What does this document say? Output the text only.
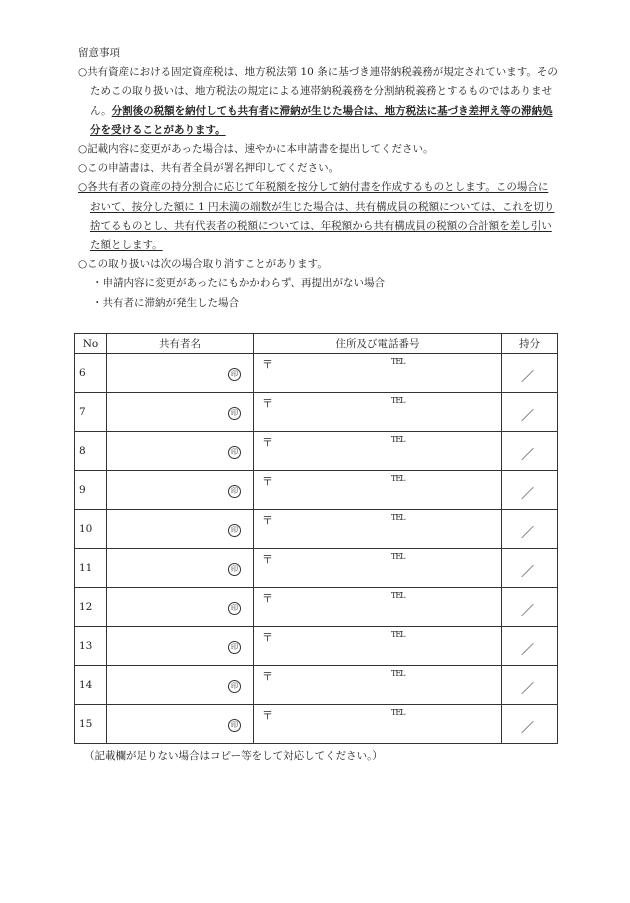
留意事項

○共有資産における固定資産税は、地方税法第 10 条に基づき連帯納税義務が規定されています。そのためこの取り扱いは、地方税法の規定による連帯納税義務を分割納税義務とするものではありません。分割後の税額を納付しても共有者に滞納が生じた場合は、地方税法に基づき差押え等の滞納処分を受けることがあります。

○記載内容に変更があった場合は、速やかに本申請書を提出してください。

○この申請書は、共有者全員が署名押印してください。

○各共有者の資産の持分割合に応じて年税額を按分して納付書を作成するものとします。この場合において、按分した額に 1 円未満の端数が生じた場合は、共有構成員の税額については、これを切り捨てるものとし、共有代表者の税額については、年税額から共有構成員の税額の合計額を差し引いた額とします。

○この取り扱いは次の場合取り消すことがあります。

・申請内容に変更があったにもかかわらず、再提出がない場合

・共有者に滞納が発生した場合

No	共有者名	住所及び電話番号	持分
6	印	〒 TEL	／

7	印	〒 TEL	／

8	印	〒 TEL	／

9	印	〒 TEL	／

10	印	〒 TEL	／

11	印	〒 TEL	／

12	印	〒 TEL	／

13	印	〒 TEL	／

14	印	〒 TEL	／

15	印	〒 TEL	／
（記載欄が足りない場合はコピー等をして対応してください。）
